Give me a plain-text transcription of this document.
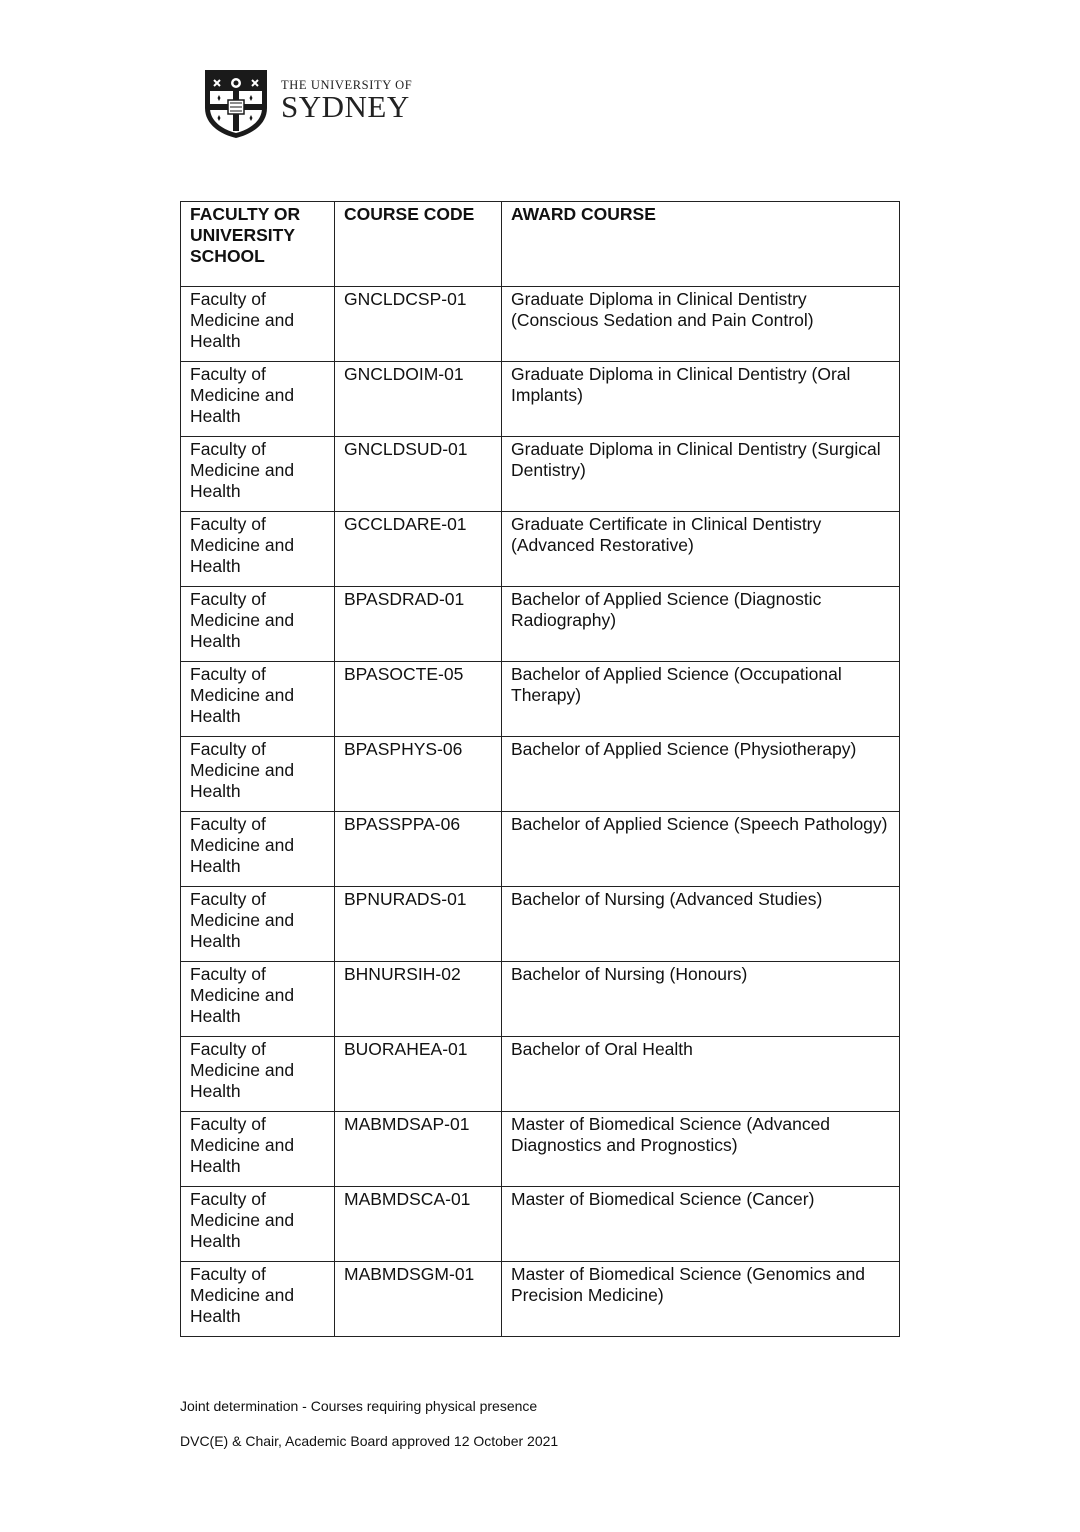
THE UNIVERSITY OF
SYDNEY
FACULTY OR UNIVERSITY SCHOOL	COURSE CODE	AWARD COURSE
Faculty of Medicine and Health	GNCLDCSP-01	Graduate Diploma in Clinical Dentistry (Conscious Sedation and Pain Control)
Faculty of Medicine and Health	GNCLDOIM-01	Graduate Diploma in Clinical Dentistry (Oral Implants)
Faculty of Medicine and Health	GNCLDSUD-01	Graduate Diploma in Clinical Dentistry (Surgical Dentistry)
Faculty of Medicine and Health	GCCLDARE-01	Graduate Certificate in Clinical Dentistry (Advanced Restorative)
Faculty of Medicine and Health	BPASDRAD-01	Bachelor of Applied Science (Diagnostic Radiography)
Faculty of Medicine and Health	BPASOCTE-05	Bachelor of Applied Science (Occupational Therapy)
Faculty of Medicine and Health	BPASPHYS-06	Bachelor of Applied Science (Physiotherapy)
Faculty of Medicine and Health	BPASSPPA-06	Bachelor of Applied Science (Speech Pathology)
Faculty of Medicine and Health	BPNURADS-01	Bachelor of Nursing (Advanced Studies)
Faculty of Medicine and Health	BHNURSIH-02	Bachelor of Nursing (Honours)
Faculty of Medicine and Health	BUORAHEA-01	Bachelor of Oral Health
Faculty of Medicine and Health	MABMDSAP-01	Master of Biomedical Science (Advanced Diagnostics and Prognostics)
Faculty of Medicine and Health	MABMDSCA-01	Master of Biomedical Science (Cancer)
Faculty of Medicine and Health	MABMDSGM-01	Master of Biomedical Science (Genomics and Precision Medicine)
Joint determination - Courses requiring physical presence
DVC(E) & Chair, Academic Board approved 12 October 2021
